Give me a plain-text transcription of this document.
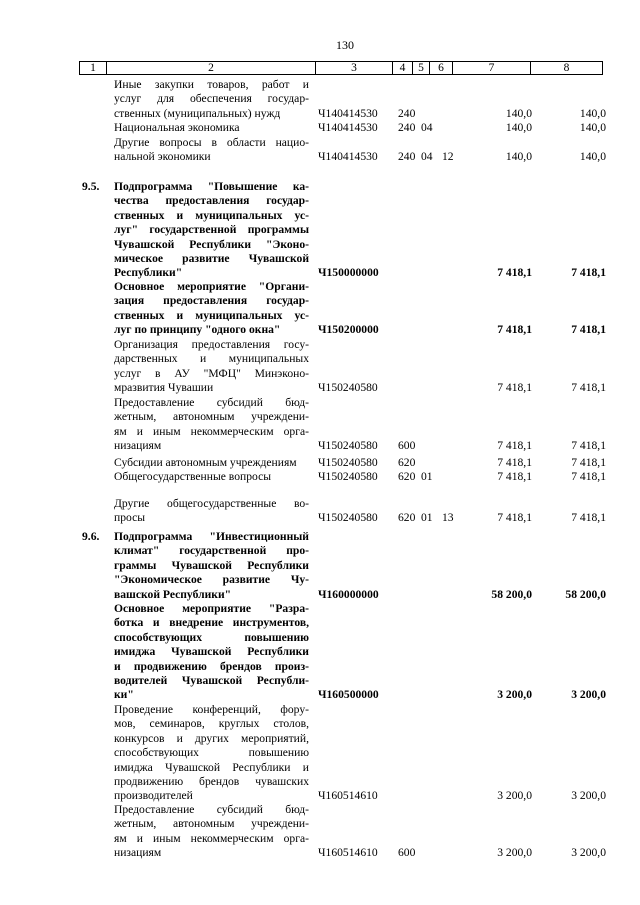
130
1	2	3	4	5	6	7	8
Иные закупки товаров, работ и
услуг для обеспечения государ-
ственных (муниципальных) нужд	Ч140414530 240	140,0	140,0
Национальная экономика	Ч140414530 240 04	140,0	140,0
Другие вопросы в области нацио-
нальной экономики	Ч140414530 240 04 12	140,0	140,0
9.5. Подпрограмма "Повышение ка-
чества предоставления государ-
ственных и муниципальных ус-
луг" государственной программы
Чувашской Республики "Эконо-
мическое развитие Чувашской
Республики"	Ч150000000	7 418,1	7 418,1
Основное мероприятие "Органи-
зация предоставления государ-
ственных и муниципальных ус-
луг по принципу "одного окна"	Ч150200000	7 418,1	7 418,1
Организация предоставления госу-
дарственных и муниципальных
услуг в АУ "МФЦ" Минэконо-
мразвития Чувашии	Ч150240580	7 418,1	7 418,1
Предоставление субсидий бюд-
жетным, автономным учреждени-
ям и иным некоммерческим орга-
низациям	Ч150240580 600	7 418,1	7 418,1
Субсидии автономным учреждениям	Ч150240580 620	7 418,1	7 418,1
Общегосударственные вопросы	Ч150240580 620 01	7 418,1	7 418,1
Другие общегосударственные во-
просы	Ч150240580 620 01 13	7 418,1	7 418,1
9.6. Подпрограмма "Инвестиционный
климат" государственной про-
граммы Чувашской Республики
"Экономическое развитие Чу-
вашской Республики"	Ч160000000	58 200,0	58 200,0
Основное мероприятие "Разра-
ботка и внедрение инструментов,
способствующих повышению
имиджа Чувашской Республики
и продвижению брендов произ-
водителей Чувашской Республи-
ки"	Ч160500000	3 200,0	3 200,0
Проведение конференций, фору-
мов, семинаров, круглых столов,
конкурсов и других мероприятий,
способствующих повышению
имиджа Чувашской Республики и
продвижению брендов чувашских
производителей	Ч160514610	3 200,0	3 200,0
Предоставление субсидий бюд-
жетным, автономным учреждени-
ям и иным некоммерческим орга-
низациям	Ч160514610 600	3 200,0	3 200,0
